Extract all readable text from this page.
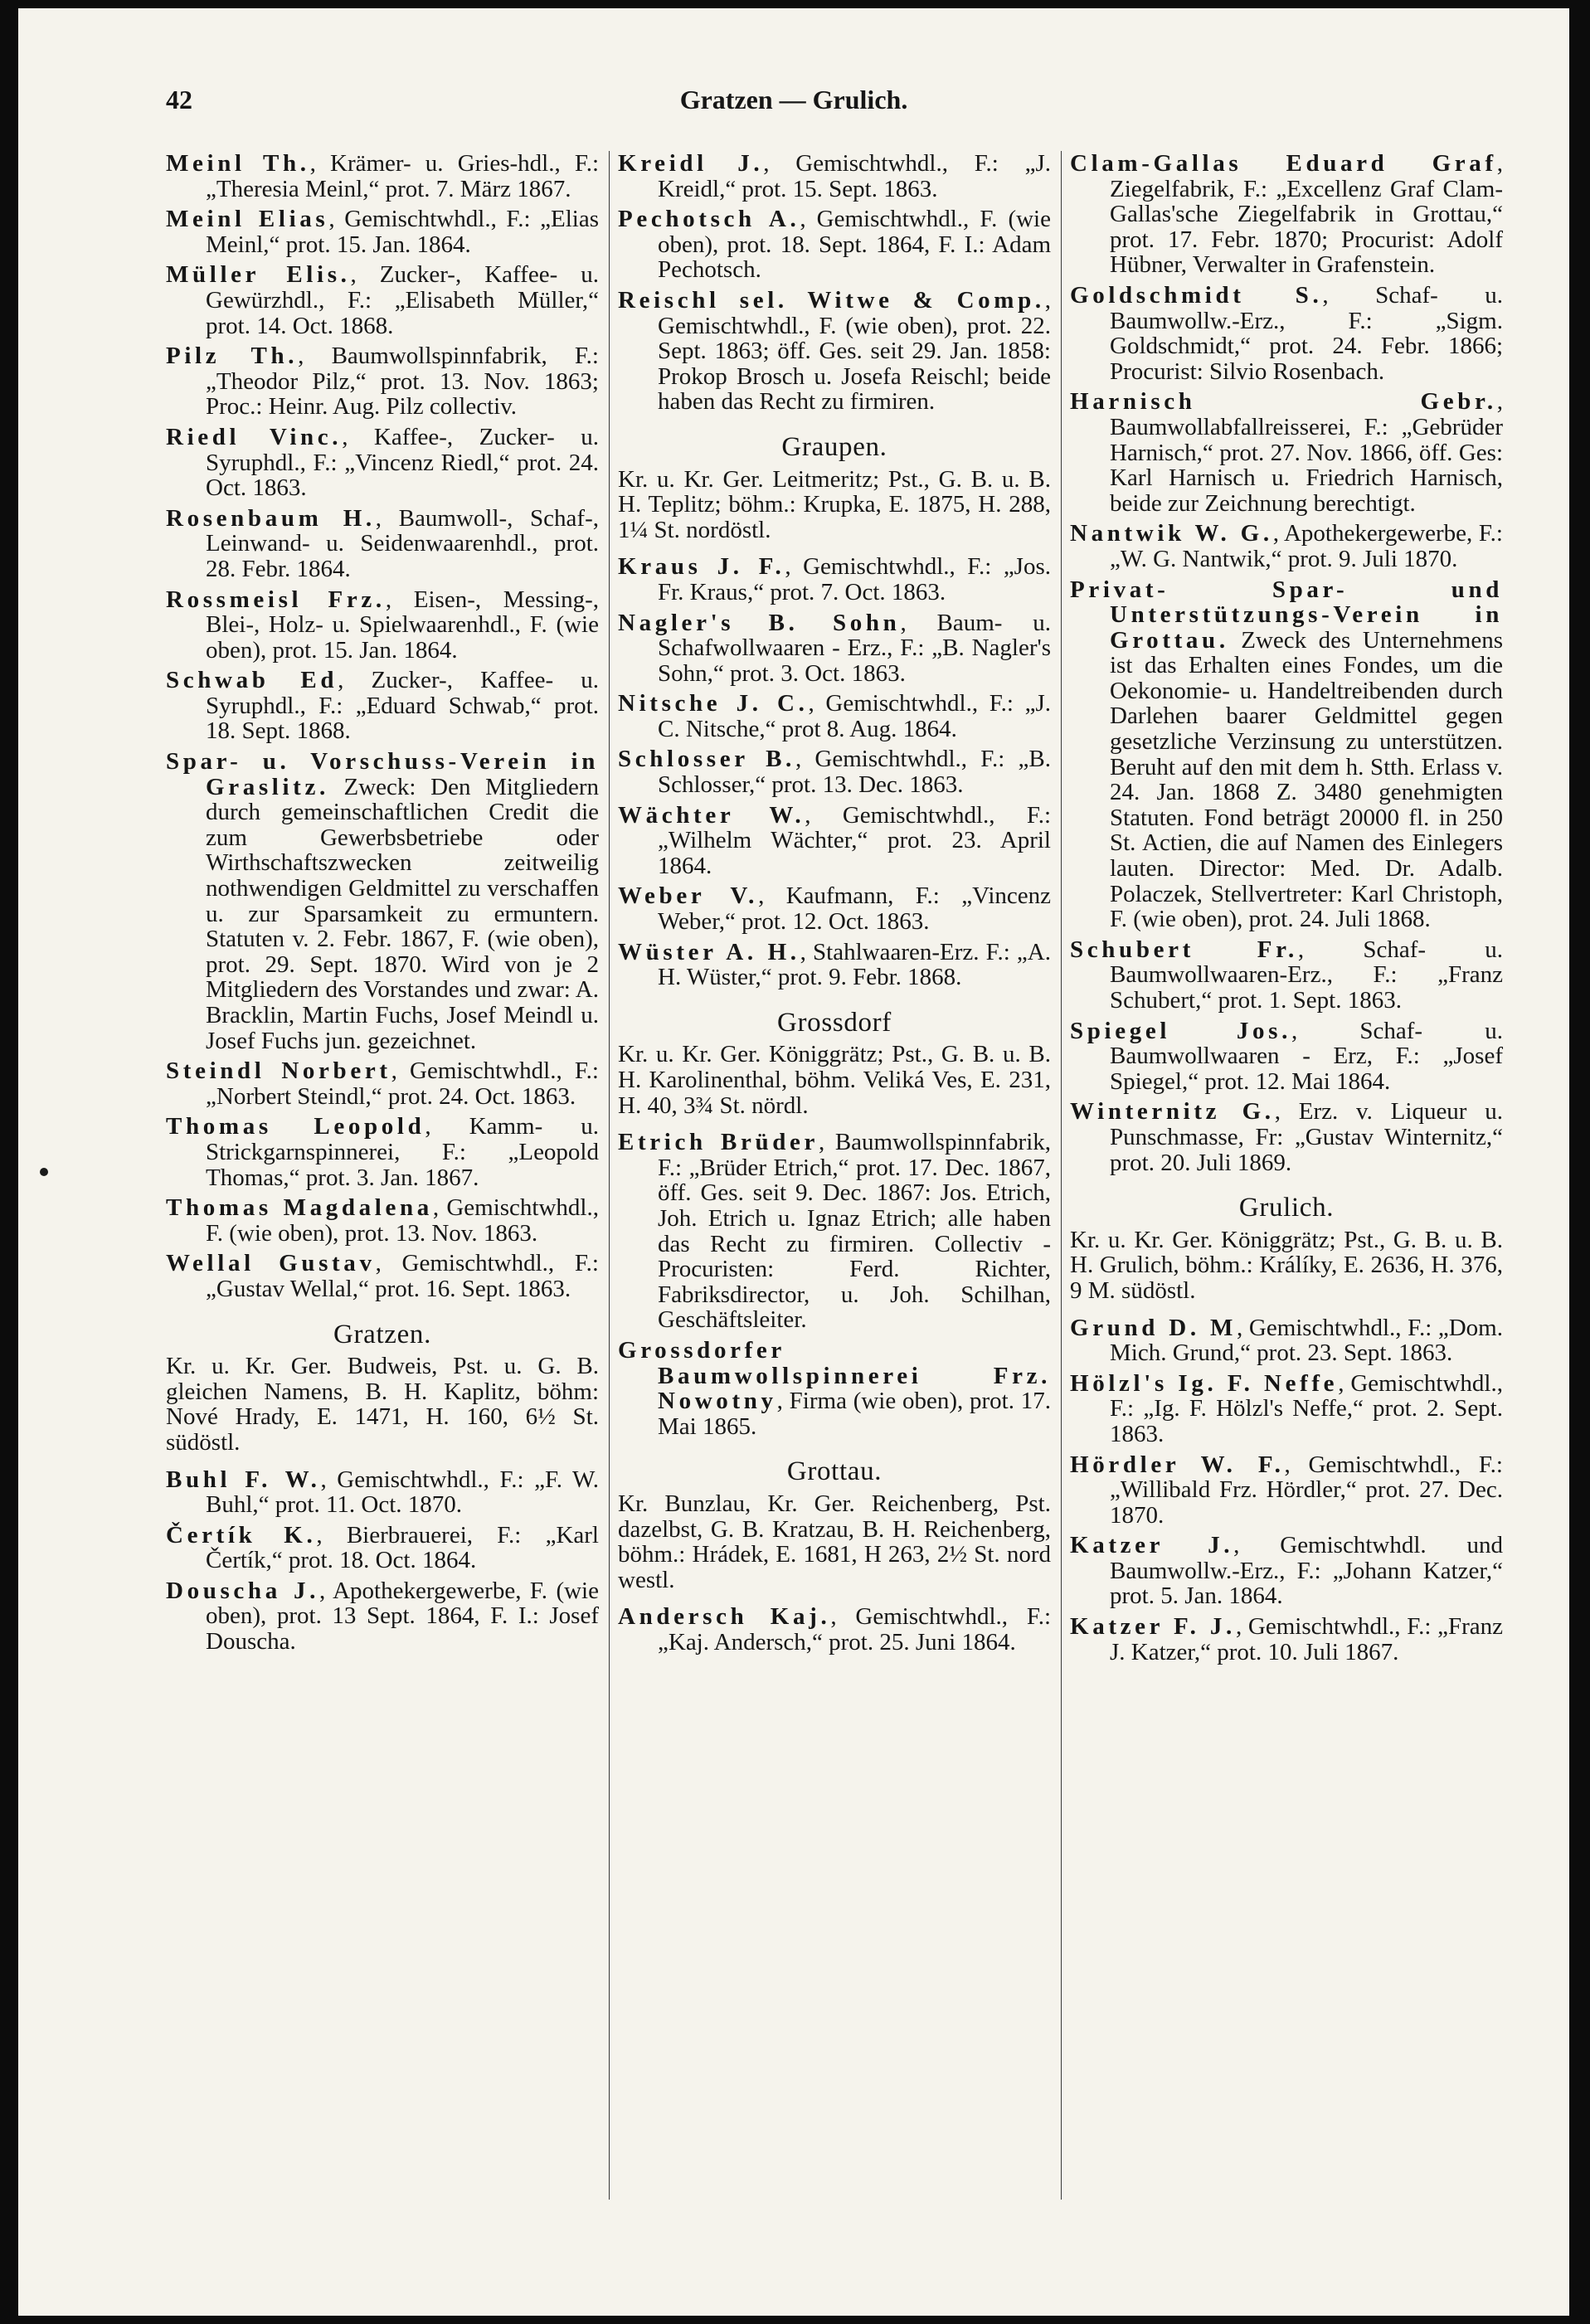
42	Gratzen — Grulich.

Meinl Th., Krämer- u. Gries-hdl., F.: „Theresia Meinl,“ prot. 7. März 1867.

Meinl Elias, Gemischtwhdl., F.: „Elias Meinl,“ prot. 15. Jan. 1864.

Müller Elis., Zucker-, Kaffee- u. Gewürzhdl., F.: „Elisabeth Müller,“ prot. 14. Oct. 1868.

Pilz Th., Baumwollspinnfabrik, F.: „Theodor Pilz,“ prot. 13. Nov. 1863; Proc.: Heinr. Aug. Pilz collectiv.

Riedl Vinc., Kaffee-, Zucker- u. Syruphdl., F.: „Vincenz Riedl,“ prot. 24. Oct. 1863.

Rosenbaum H., Baumwoll-, Schaf-, Leinwand- u. Seidenwaarenhdl., prot. 28. Febr. 1864.

Rossmeisl Frz., Eisen-, Messing-, Blei-, Holz- u. Spielwaarenhdl., F. (wie oben), prot. 15. Jan. 1864.

Schwab Ed, Zucker-, Kaffee- u. Syruphdl., F.: „Eduard Schwab,“ prot. 18. Sept. 1868.

Spar- u. Vorschuss-Verein in Graslitz. Zweck: Den Mitgliedern durch gemeinschaftlichen Credit die zum Gewerbsbetriebe oder Wirthschaftszwecken zeitweilig nothwendigen Geldmittel zu verschaffen u. zur Sparsamkeit zu ermuntern. Statuten v. 2. Febr. 1867, F. (wie oben), prot. 29. Sept. 1870. Wird von je 2 Mitgliedern des Vorstandes und zwar: A. Bracklin, Martin Fuchs, Josef Meindl u. Josef Fuchs jun. gezeichnet.

Steindl Norbert, Gemischtwhdl., F.: „Norbert Steindl,“ prot. 24. Oct. 1863.

Thomas Leopold, Kamm- u. Strickgarnspinnerei, F.: „Leopold Thomas,“ prot. 3. Jan. 1867.

Thomas Magdalena, Gemischtwhdl., F. (wie oben), prot. 13. Nov. 1863.

Wellal Gustav, Gemischtwhdl., F.: „Gustav Wellal,“ prot. 16. Sept. 1863.

Gratzen.

Kr. u. Kr. Ger. Budweis, Pst. u. G. B. gleichen Namens, B. H. Kaplitz, böhm: Nové Hrady, E. 1471, H. 160, 6½ St. südöstl.

Buhl F. W., Gemischtwhdl., F.: „F. W. Buhl,“ prot. 11. Oct. 1870.

Čertík K., Bierbrauerei, F.: „Karl Čertík,“ prot. 18. Oct. 1864.

Douscha J., Apothekergewerbe, F. (wie oben), prot. 13 Sept. 1864, F. I.: Josef Douscha.

Kreidl J., Gemischtwhdl., F.: „J. Kreidl,“ prot. 15. Sept. 1863.

Pechotsch A., Gemischtwhdl., F. (wie oben), prot. 18. Sept. 1864, F. I.: Adam Pechotsch.

Reischl sel. Witwe & Comp., Gemischtwhdl., F. (wie oben), prot. 22. Sept. 1863; öff. Ges. seit 29. Jan. 1858: Prokop Brosch u. Josefa Reischl; beide haben das Recht zu firmiren.

Graupen.

Kr. u. Kr. Ger. Leitmeritz; Pst., G. B. u. B. H. Teplitz; böhm.: Krupka, E. 1875, H. 288, 1¼ St. nordöstl.

Kraus J. F., Gemischtwhdl., F.: „Jos. Fr. Kraus,“ prot. 7. Oct. 1863.

Nagler's B. Sohn, Baum- u. Schafwollwaaren - Erz., F.: „B. Nagler's Sohn,“ prot. 3. Oct. 1863.

Nitsche J. C., Gemischtwhdl., F.: „J. C. Nitsche,“ prot 8. Aug. 1864.

Schlosser B., Gemischtwhdl., F.: „B. Schlosser,“ prot. 13. Dec. 1863.

Wächter W., Gemischtwhdl., F.: „Wilhelm Wächter,“ prot. 23. April 1864.

Weber V., Kaufmann, F.: „Vincenz Weber,“ prot. 12. Oct. 1863.

Wüster A. H., Stahlwaaren-Erz. F.: „A. H. Wüster,“ prot. 9. Febr. 1868.

Grossdorf

Kr. u. Kr. Ger. Königgrätz; Pst., G. B. u. B. H. Karolinenthal, böhm. Veliká Ves, E. 231, H. 40, 3¾ St. nördl.

Etrich Brüder, Baumwollspinnfabrik, F.: „Brüder Etrich,“ prot. 17. Dec. 1867, öff. Ges. seit 9. Dec. 1867: Jos. Etrich, Joh. Etrich u. Ignaz Etrich; alle haben das Recht zu firmiren. Collectiv - Procuristen: Ferd. Richter, Fabriksdirector, u. Joh. Schilhan, Geschäftsleiter.

Grossdorfer Baumwollspinnerei Frz. Nowotny, Firma (wie oben), prot. 17. Mai 1865.

Grottau.

Kr. Bunzlau, Kr. Ger. Reichenberg, Pst. dazelbst, G. B. Kratzau, B. H. Reichenberg, böhm.: Hrádek, E. 1681, H 263, 2½ St. nord westl.

Andersch Kaj., Gemischtwhdl., F.: „Kaj. Andersch,“ prot. 25. Juni 1864.

Clam-Gallas Eduard Graf, Ziegelfabrik, F.: „Excellenz Graf Clam-Gallas'sche Ziegelfabrik in Grottau,“ prot. 17. Febr. 1870; Procurist: Adolf Hübner, Verwalter in Grafenstein.

Goldschmidt S., Schaf- u. Baumwollw.-Erz., F.: „Sigm. Goldschmidt,“ prot. 24. Febr. 1866; Procurist: Silvio Rosenbach.

Harnisch Gebr., Baumwollabfallreisserei, F.: „Gebrüder Harnisch,“ prot. 27. Nov. 1866, öff. Ges: Karl Harnisch u. Friedrich Harnisch, beide zur Zeichnung berechtigt.

Nantwik W. G., Apothekergewerbe, F.: „W. G. Nantwik,“ prot. 9. Juli 1870.

Privat- Spar- und Unterstützungs-Verein in Grottau. Zweck des Unternehmens ist das Erhalten eines Fondes, um die Oekonomie- u. Handeltreibenden durch Darlehen baarer Geldmittel gegen gesetzliche Verzinsung zu unterstützen. Beruht auf den mit dem h. Stth. Erlass v. 24. Jan. 1868 Z. 3480 genehmigten Statuten. Fond beträgt 20000 fl. in 250 St. Actien, die auf Namen des Einlegers lauten. Director: Med. Dr. Adalb. Polaczek, Stellvertreter: Karl Christoph, F. (wie oben), prot. 24. Juli 1868.

Schubert Fr., Schaf- u. Baumwollwaaren-Erz., F.: „Franz Schubert,“ prot. 1. Sept. 1863.

Spiegel Jos., Schaf- u. Baumwollwaaren - Erz, F.: „Josef Spiegel,“ prot. 12. Mai 1864.

Winternitz G., Erz. v. Liqueur u. Punschmasse, Fr: „Gustav Winternitz,“ prot. 20. Juli 1869.

Grulich.

Kr. u. Kr. Ger. Königgrätz; Pst., G. B. u. B. H. Grulich, böhm.: Králíky, E. 2636, H. 376, 9 M. südöstl.

Grund D. M, Gemischtwhdl., F.: „Dom. Mich. Grund,“ prot. 23. Sept. 1863.

Hölzl's Ig. F. Neffe, Gemischtwhdl., F.: „Ig. F. Hölzl's Neffe,“ prot. 2. Sept. 1863.

Hördler W. F., Gemischtwhdl., F.: „Willibald Frz. Hördler,“ prot. 27. Dec. 1870.

Katzer J., Gemischtwhdl. und Baumwollw.-Erz., F.: „Johann Katzer,“ prot. 5. Jan. 1864.

Katzer F. J., Gemischtwhdl., F.: „Franz J. Katzer,“ prot. 10. Juli 1867.
